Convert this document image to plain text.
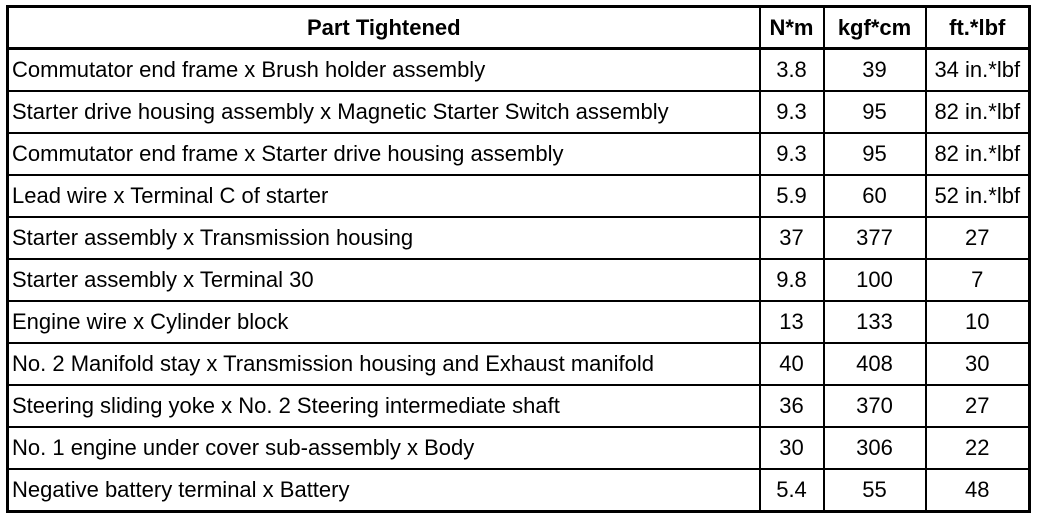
Part Tightened	N*m	kgf*cm	ft.*lbf
Commutator end frame x Brush holder assembly	3.8	39	34 in.*lbf
Starter drive housing assembly x Magnetic Starter Switch assembly	9.3	95	82 in.*lbf
Commutator end frame x Starter drive housing assembly	9.3	95	82 in.*lbf
Lead wire x Terminal C of starter	5.9	60	52 in.*lbf
Starter assembly x Transmission housing	37	377	27
Starter assembly x Terminal 30	9.8	100	7
Engine wire x Cylinder block	13	133	10
No. 2 Manifold stay x Transmission housing and Exhaust manifold	40	408	30
Steering sliding yoke x No. 2 Steering intermediate shaft	36	370	27
No. 1 engine under cover sub-assembly x Body	30	306	22
Negative battery terminal x Battery	5.4	55	48
